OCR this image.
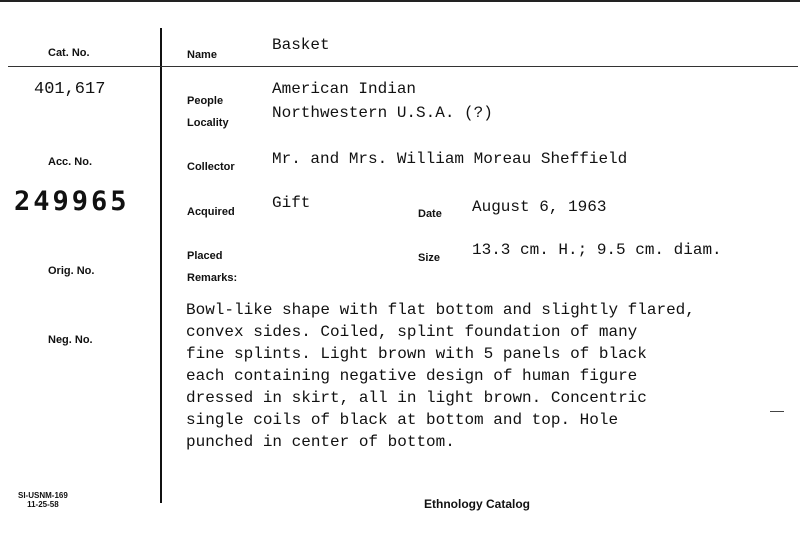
Cat. No.
401,617
Acc. No.
249965
Orig. No.
Neg. No.
Name
Basket
People
American Indian
Locality
Northwestern U.S.A. (?)
Collector Mr. and Mrs. William Moreau Sheffield
Acquired Gift
Date August 6, 1963
Placed	Size 13.3 cm. H.; 9.5 cm. diam.
Remarks:
Bowl-like shape with flat bottom and slightly flared,
convex sides. Coiled, splint foundation of many
fine splints. Light brown with 5 panels of black
each containing negative design of human figure
dressed in skirt, all in light brown. Concentric
single coils of black at bottom and top. Hole
punched in center of bottom.
SI-USNM-169
11-25-58	Ethnology Catalog
